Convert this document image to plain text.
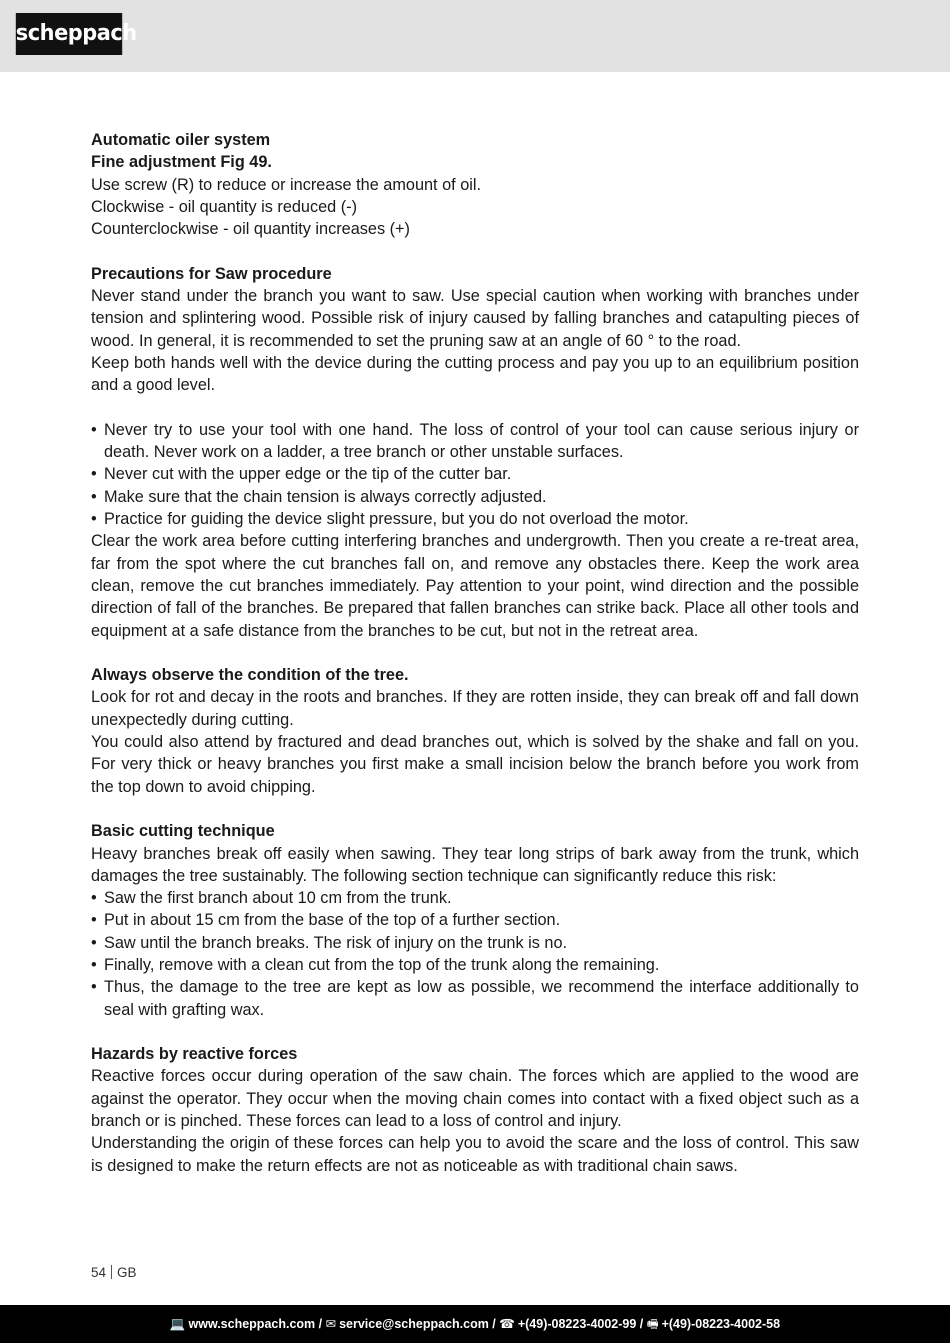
scheppach

Automatic oiler system

Fine adjustment Fig 49.

Use screw (R) to reduce or increase the amount of oil.

Clockwise - oil quantity is reduced (-)

Counterclockwise - oil quantity increases (+)

Precautions for Saw procedure

Never stand under the branch you want to saw. Use special caution when working with branches under tension and splintering wood. Possible risk of injury caused by falling branches and catapulting pieces of wood. In general, it is recommended to set the pruning saw at an angle of 60 ° to the road.

Keep both hands well with the device during the cutting process and pay you up to an equilibrium position and a good level.

• Never try to use your tool with one hand. The loss of control of your tool can cause serious injury or death. Never work on a ladder, a tree branch or other unstable surfaces.
• Never cut with the upper edge or the tip of the cutter bar.
• Make sure that the chain tension is always correctly adjusted.
• Practice for guiding the device slight pressure, but you do not overload the motor.

Clear the work area before cutting interfering branches and undergrowth. Then you create a re-treat area, far from the spot where the cut branches fall on, and remove any obstacles there. Keep the work area clean, remove the cut branches immediately. Pay attention to your point, wind direction and the possible direction of fall of the branches. Be prepared that fallen branches can strike back. Place all other tools and equipment at a safe distance from the branches to be cut, but not in the retreat area.

Always observe the condition of the tree.

Look for rot and decay in the roots and branches. If they are rotten inside, they can break off and fall down unexpectedly during cutting.

You could also attend by fractured and dead branches out, which is solved by the shake and fall on you. For very thick or heavy branches you first make a small incision below the branch before you work from the top down to avoid chipping.

Basic cutting technique

Heavy branches break off easily when sawing. They tear long strips of bark away from the trunk, which damages the tree sustainably. The following section technique can significantly reduce this risk:

• Saw the first branch about 10 cm from the trunk.
• Put in about 15 cm from the base of the top of a further section.
• Saw until the branch breaks. The risk of injury on the trunk is no.
• Finally, remove with a clean cut from the top of the trunk along the remaining.
• Thus, the damage to the tree are kept as low as possible, we recommend the interface additionally to seal with grafting wax.

Hazards by reactive forces

Reactive forces occur during operation of the saw chain. The forces which are applied to the wood are against the operator. They occur when the moving chain comes into contact with a fixed object such as a branch or is pinched. These forces can lead to a loss of control and injury.

Understanding the origin of these forces can help you to avoid the scare and the loss of control. This saw is designed to make the return effects are not as noticeable as with traditional chain saws.

54 GB
💻 www.scheppach.com / ✉ service@scheppach.com / ☎ +(49)-08223-4002-99 / 🖷 +(49)-08223-4002-58
